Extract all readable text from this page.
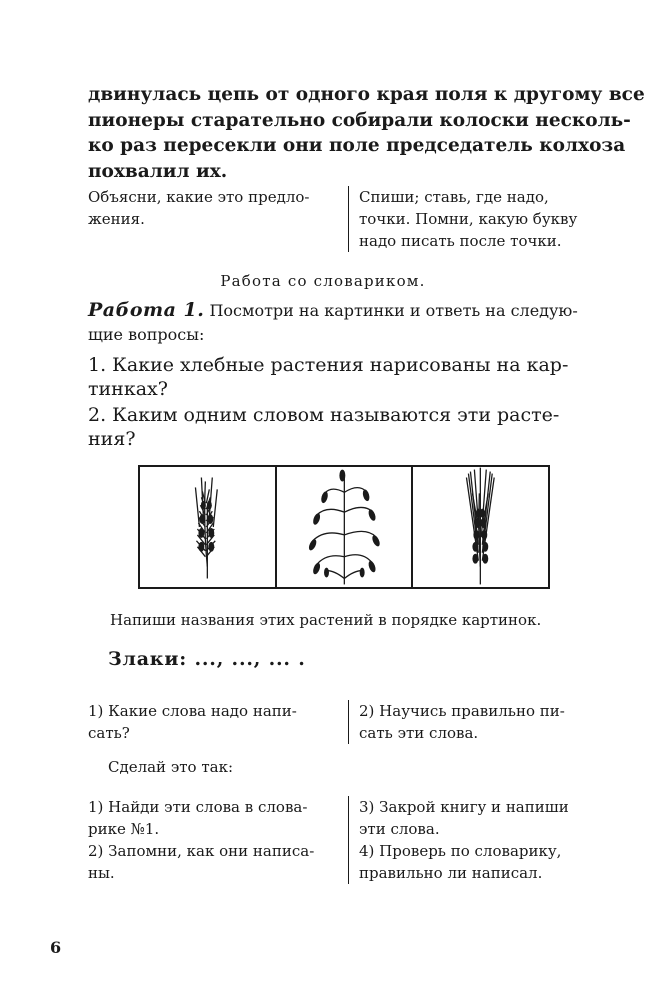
двинулась цепь от одного края поля к другому все
пионеры старательно собирали колоски несколь-
ко раз пересекли они поле председатель колхоза
похвалил их.

Объясни, какие это предло-
жения.
Спиши; ставь, где надо,
точки. Помни, какую букву
надо писать после точки.
Работа со словариком.
Работа 1. Посмотри на картинки и ответь на следую-
щие вопросы:
1. Какие хлебные растения нарисованы на кар-
тинках?
2. Каким одним словом называются эти расте-
ния?
Напиши названия этих растений в порядке картинок.
Злаки: ..., ..., ... .
1) Какие слова надо напи-
сать?
2) Научись правильно пи-
сать эти слова.
Сделай это так:
1) Найди эти слова в слова-
рике №1.
2) Запомни, как они написа-
ны.
3) Закрой книгу и напиши
эти слова.
4) Проверь по словарику,
правильно ли написал.
6
